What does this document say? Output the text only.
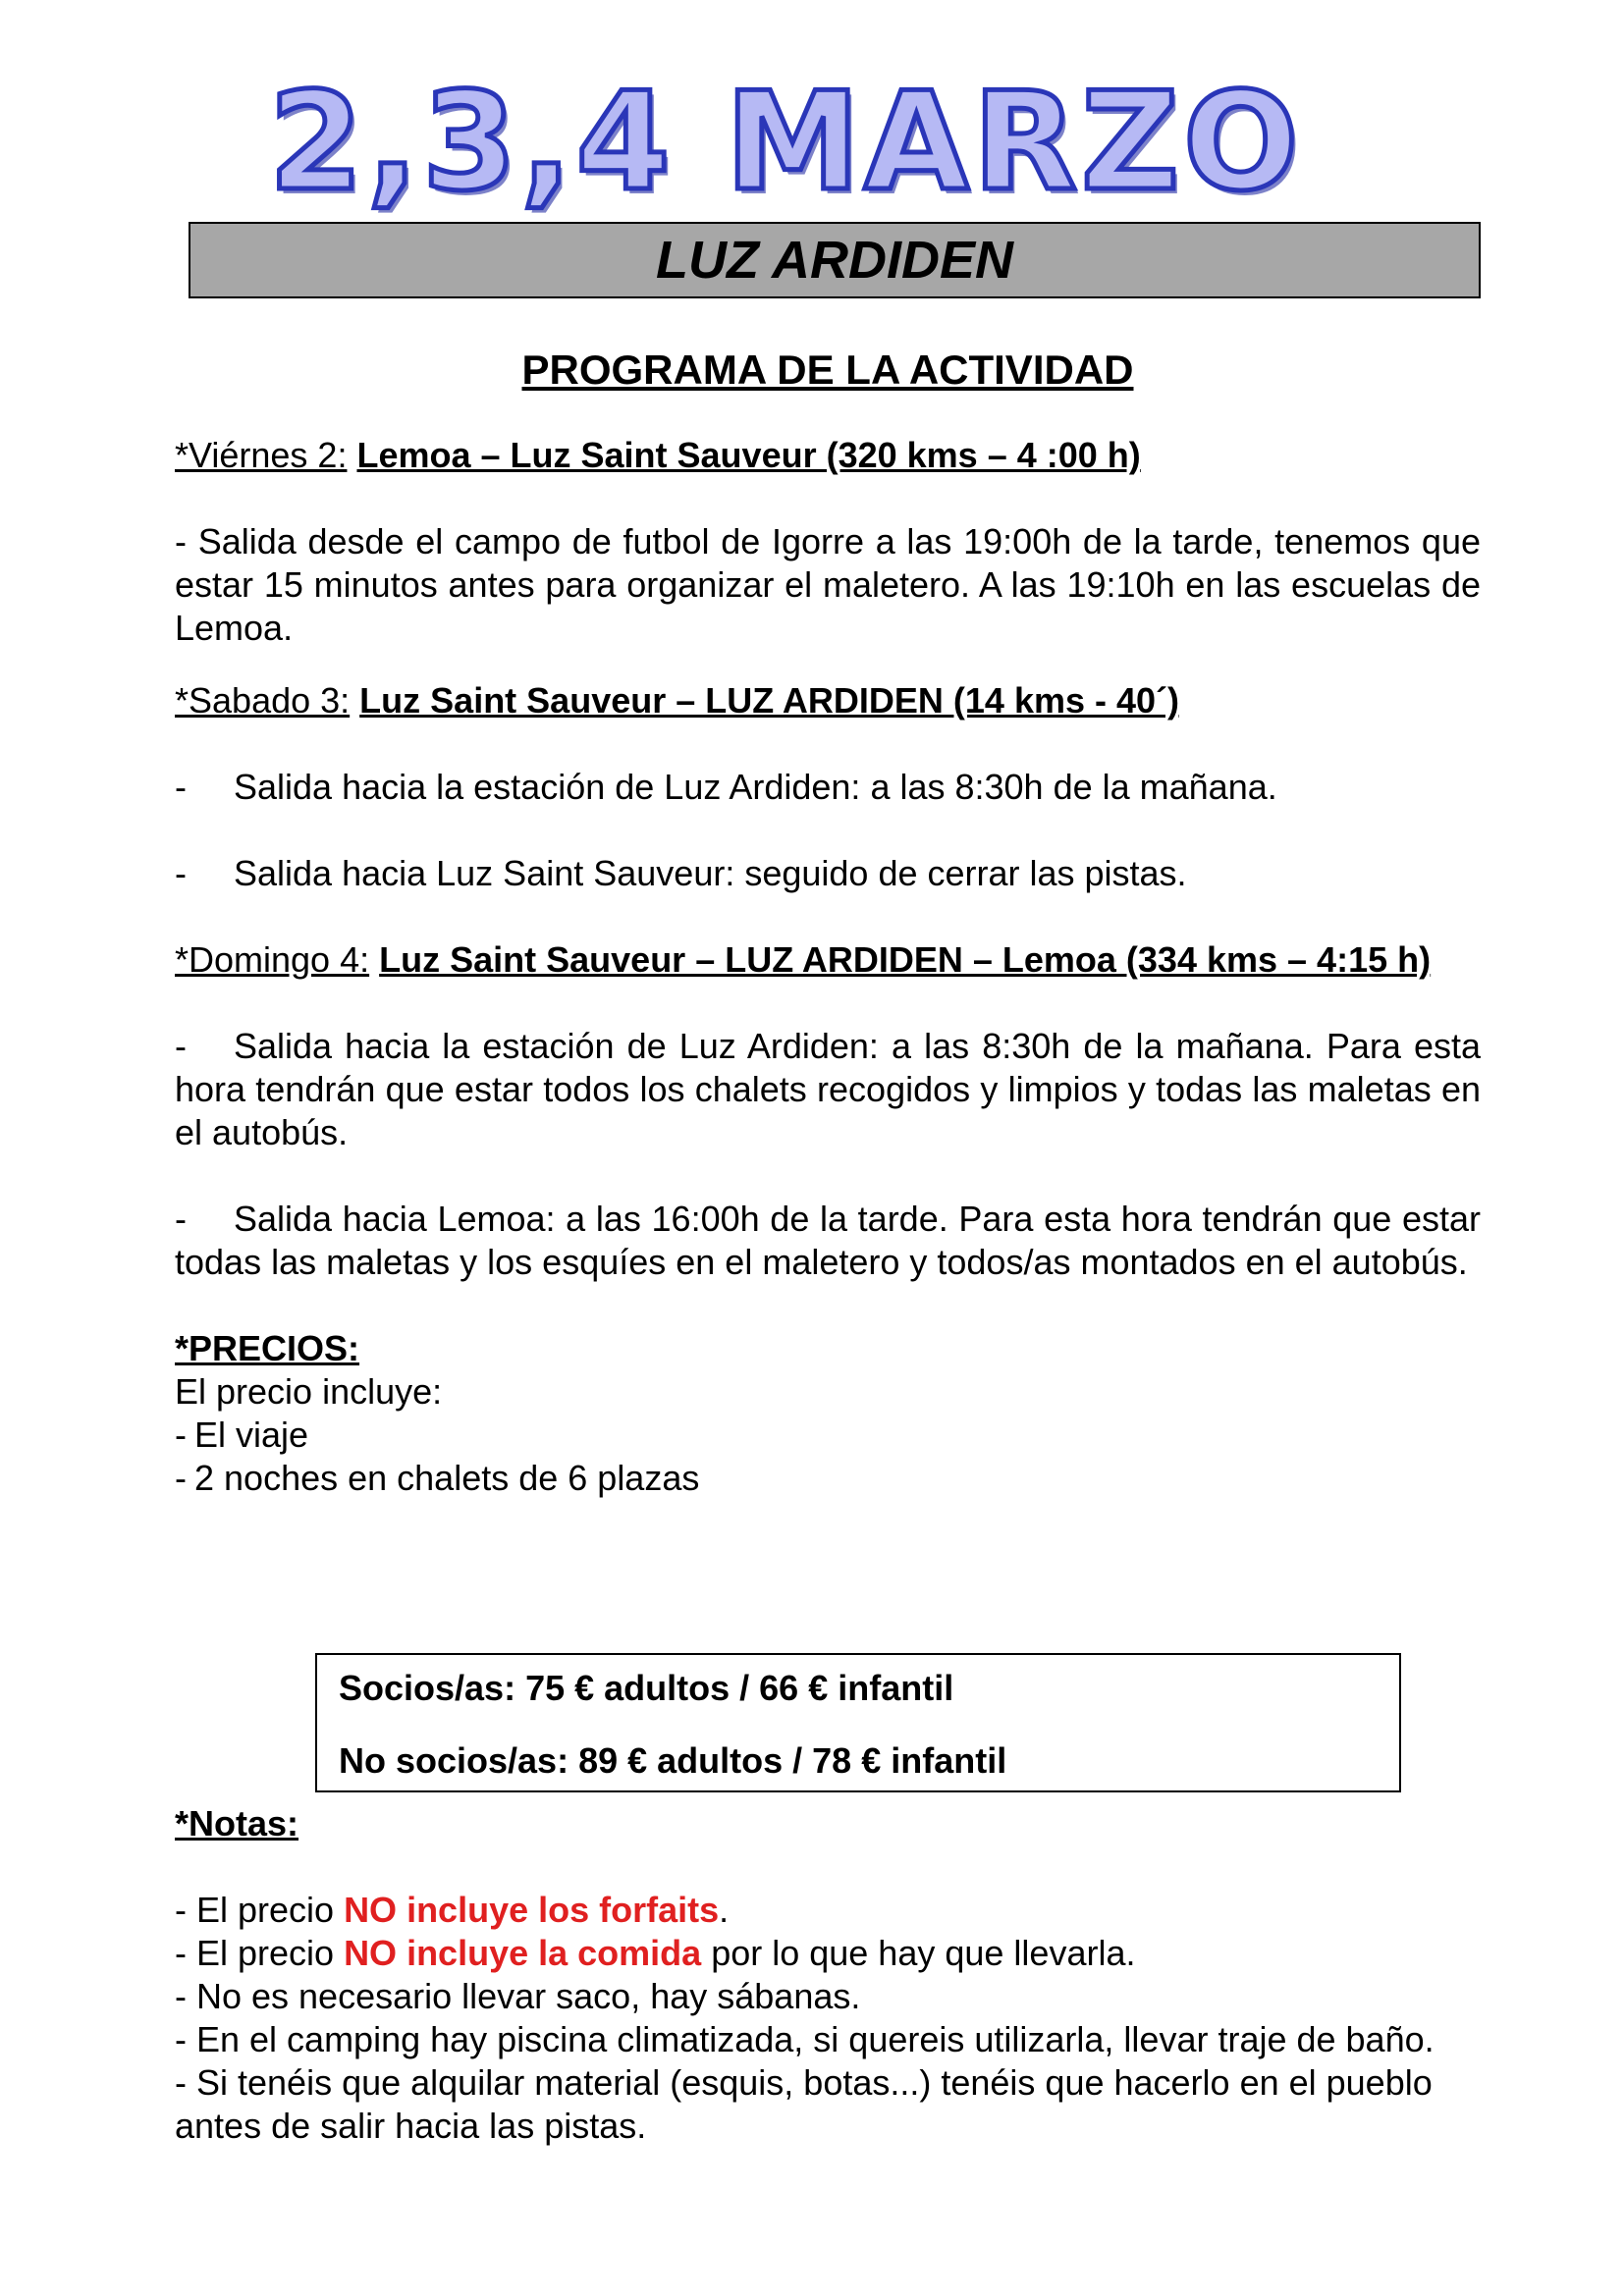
2,3,4 MARZO
LUZ ARDIDEN

PROGRAMA DE LA ACTIVIDAD

*Viérnes 2: Lemoa – Luz Saint Sauveur (320 kms – 4 :00 h)

- Salida desde el campo de futbol de Igorre a las 19:00h de la tarde, tenemos que estar 15 minutos antes para organizar el maletero. A las 19:10h en las escuelas de Lemoa.

*Sabado 3: Luz Saint Sauveur – LUZ ARDIDEN (14 kms - 40´)

- Salida hacia la estación de Luz Ardiden: a las 8:30h de la mañana.

- Salida hacia Luz Saint Sauveur: seguido de cerrar las pistas.

*Domingo 4: Luz Saint Sauveur – LUZ ARDIDEN – Lemoa (334 kms – 4:15 h)

- Salida hacia la estación de Luz Ardiden: a las 8:30h de la mañana. Para esta hora tendrán que estar todos los chalets recogidos y limpios y todas las maletas en el autobús.

- Salida hacia Lemoa: a las 16:00h de la tarde. Para esta hora tendrán que estar todas las maletas y los esquíes en el maletero y todos/as montados en el autobús.

*PRECIOS:

El precio incluye:

- El viaje

- 2 noches en chalets de 6 plazas

Socios/as: 75 € adultos / 66 € infantil
No socios/as: 89 € adultos / 78 € infantil

*Notas:

- El precio NO incluye los forfaits.

- El precio NO incluye la comida por lo que hay que llevarla.

- No es necesario llevar saco, hay sábanas.

- En el camping hay piscina climatizada, si quereis utilizarla, llevar traje de baño.

- Si tenéis que alquilar material (esquis, botas...) tenéis que hacerlo en el pueblo antes de salir hacia las pistas.
